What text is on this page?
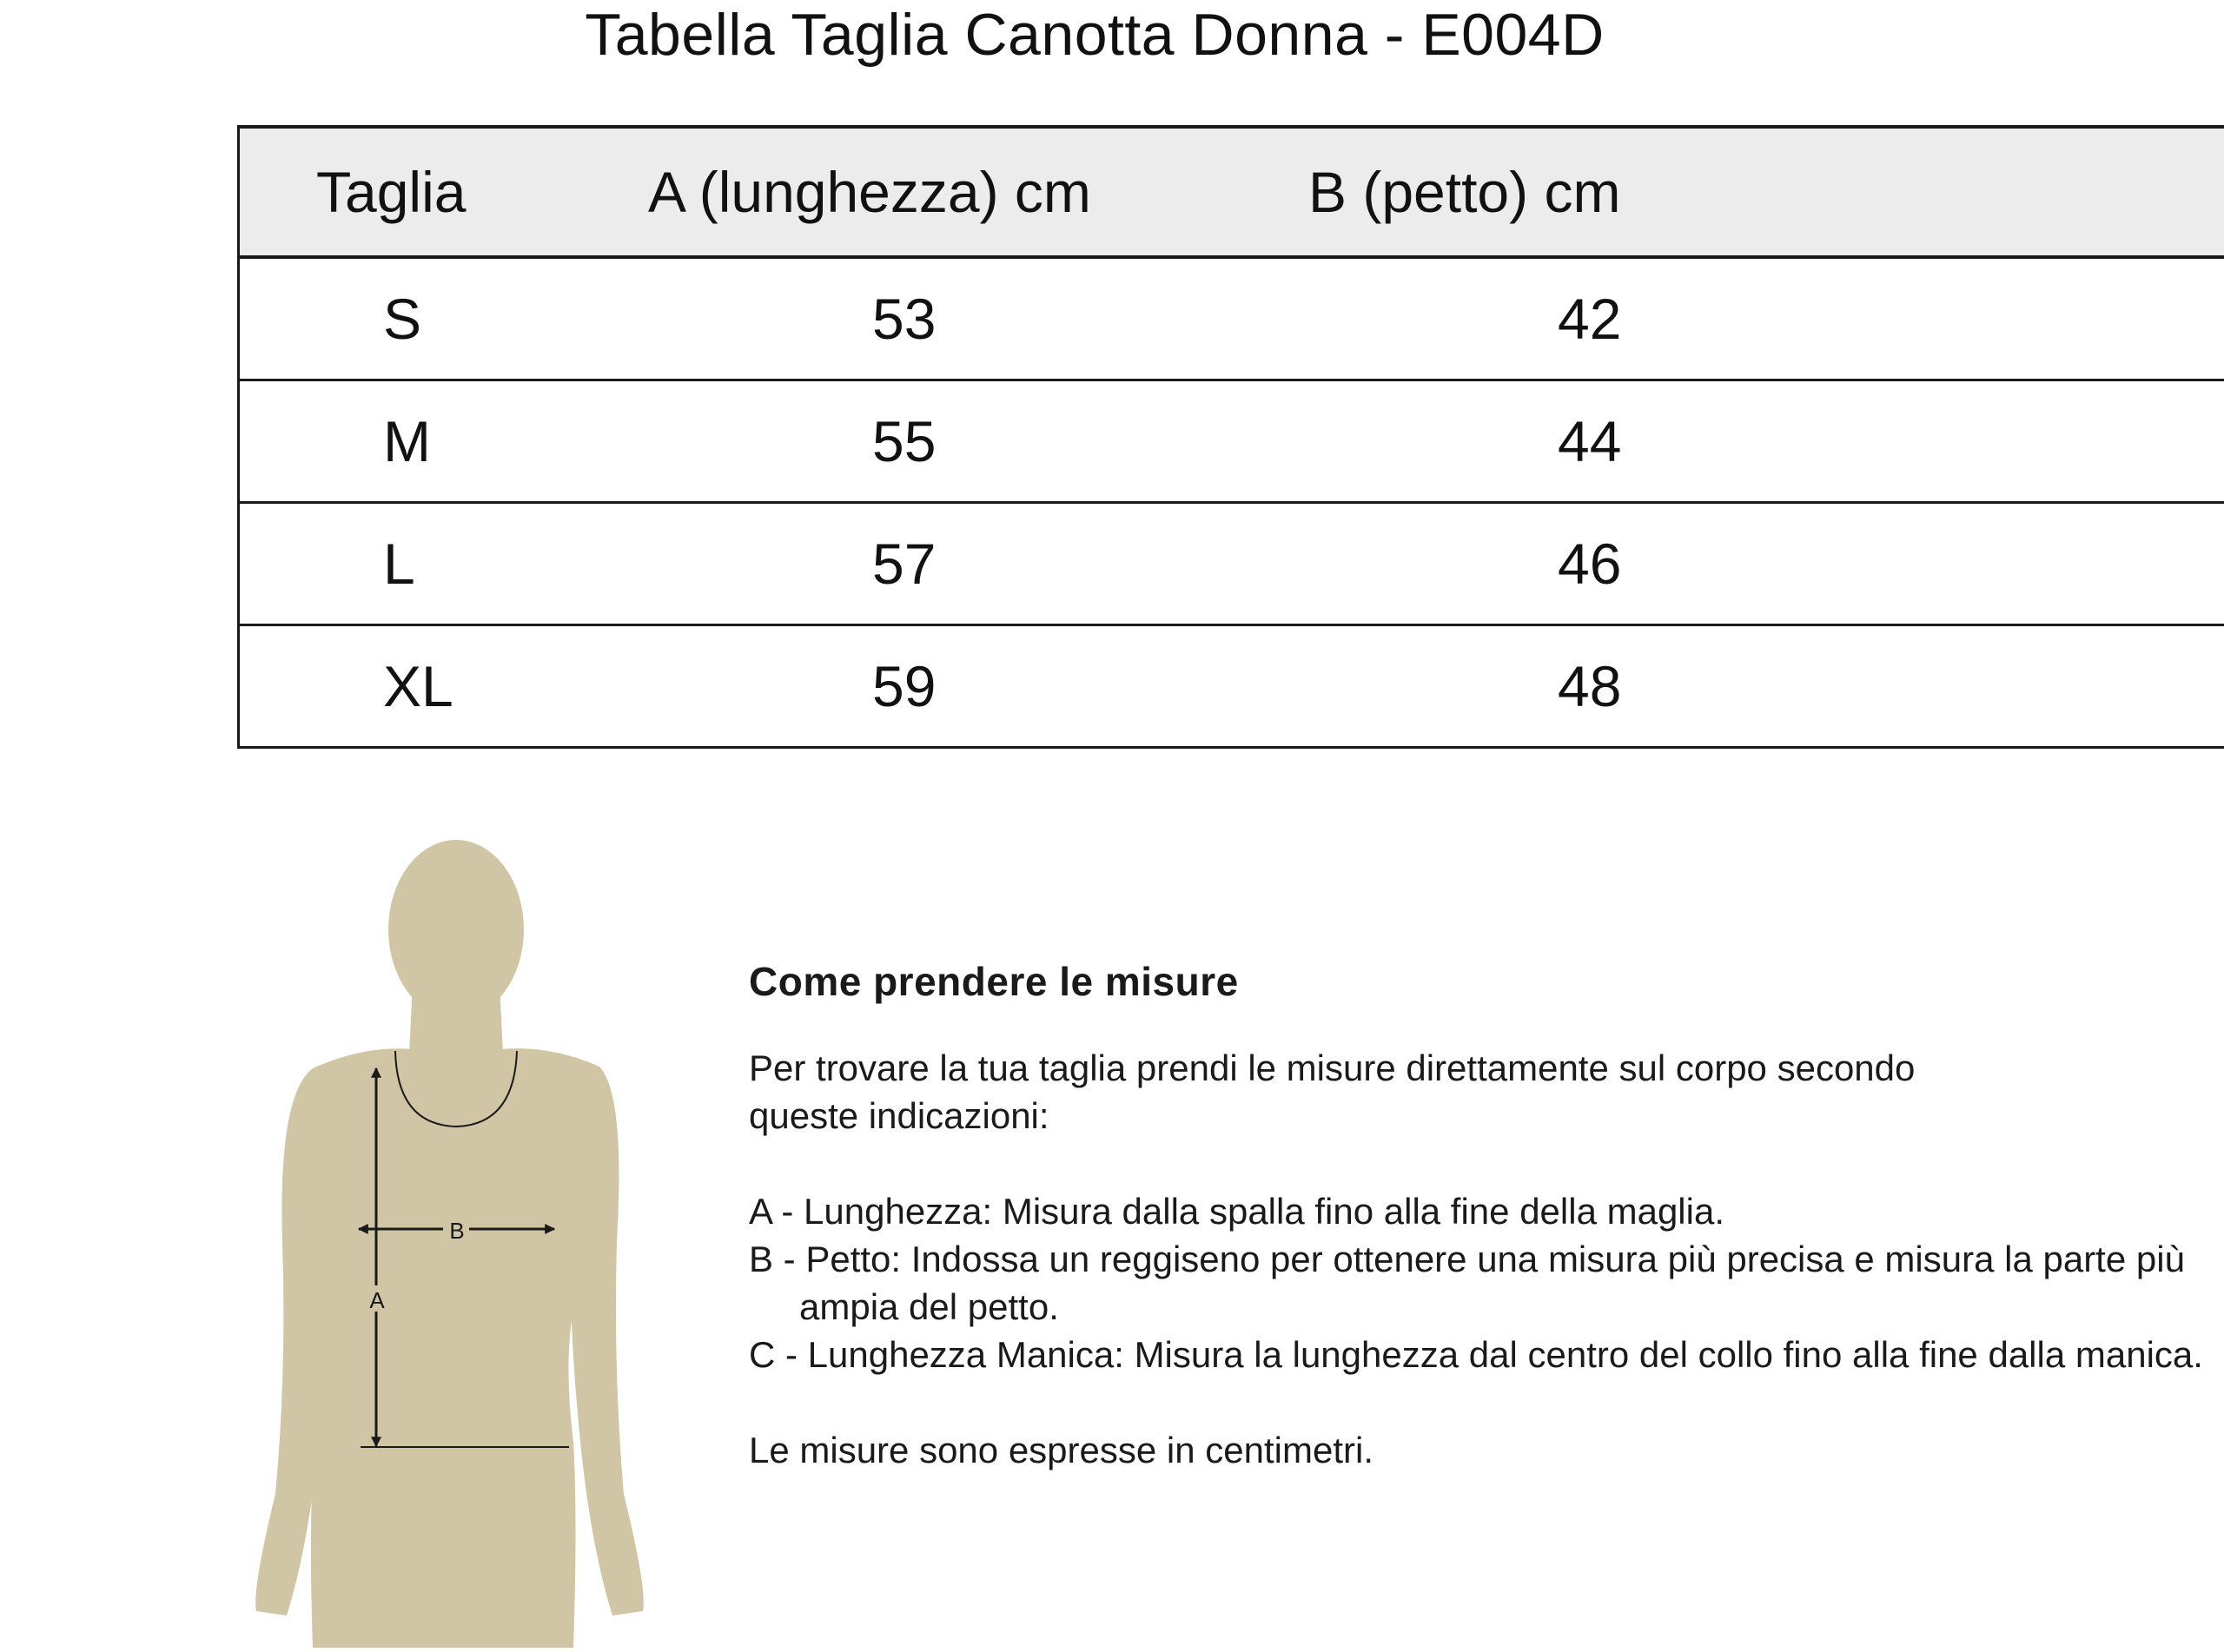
Tabella Taglia Canotta Donna - E004D
Taglia	A (lunghezza) cm	B (petto) cm
S	53	42
M	55	44
L	57	46
XL	59	48
B
A
Come prendere le misure

Per trovare la tua taglia prendi le misure direttamente sul corpo secondo

queste indicazioni:

A - Lunghezza: Misura dalla spalla fino alla fine della maglia.

B - Petto: Indossa un reggiseno per ottenere una misura più precisa e misura la parte più ampia del petto.

C - Lunghezza Manica: Misura la lunghezza dal centro del collo fino alla fine dalla manica.

Le misure sono espresse in centimetri.
